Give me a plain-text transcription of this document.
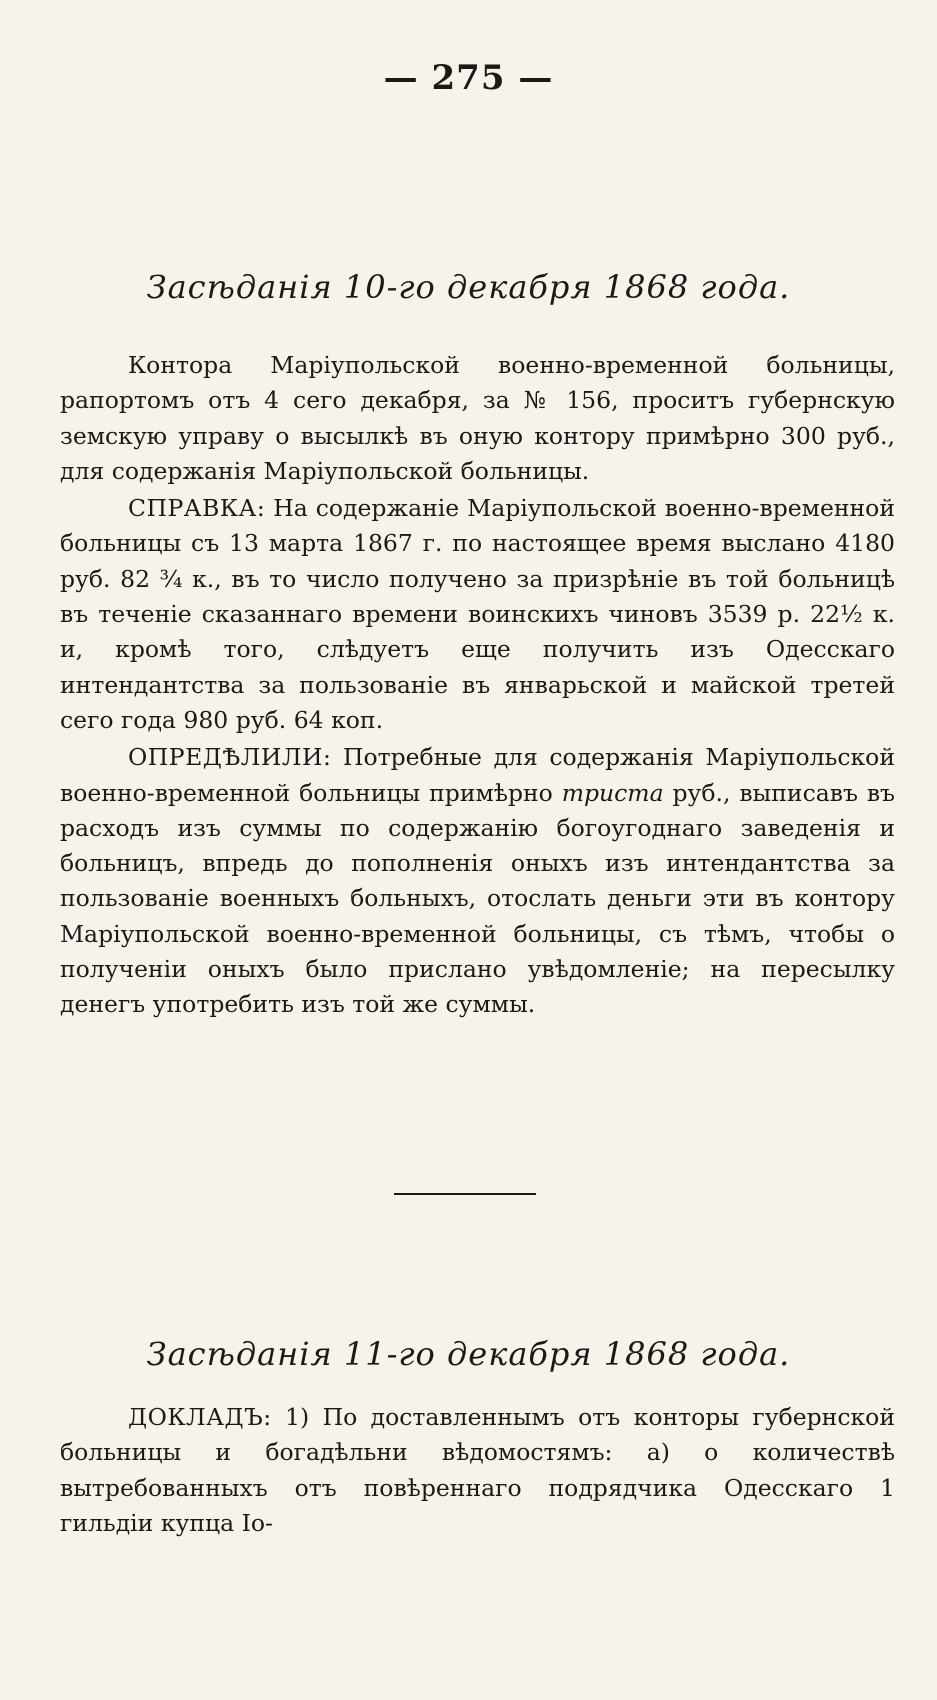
— 275 —
Засѣданія 10-го декабря 1868 года.

Контора Маріупольской военно-временной больницы, рапортомъ отъ 4 сего декабря, за № 156, проситъ губернскую земскую управу о высылкѣ въ оную контору примѣрно 300 руб., для содержанія Маріупольской больницы.

СПРАВКА: На содержаніе Маріупольской военно-временной больницы съ 13 марта 1867 г. по настоящее время выслано 4180 руб. 82 ¾ к., въ то число получено за призрѣніе въ той больницѣ въ теченіе сказаннаго времени воинскихъ чиновъ 3539 р. 22½ к. и, кромѣ того, слѣдуетъ еще получить изъ Одесскаго интендантства за пользованіе въ январьской и майской третей сего года 980 руб. 64 коп.

ОПРЕДѢЛИЛИ: Потребные для содержанія Маріупольской военно-временной больницы примѣрно триста руб., выписавъ въ расходъ изъ суммы по содержанію богоугоднаго заведенія и больницъ, впредь до пополненія оныхъ изъ интендантства за пользованіе военныхъ больныхъ, отослать деньги эти въ контору Маріупольской военно-временной больницы, съ тѣмъ, чтобы о полученіи оныхъ было прислано увѣдомленіе; на пересылку денегъ употребить изъ той же суммы.

Засѣданія 11-го декабря 1868 года.

ДОКЛАДЪ: 1) По доставленнымъ отъ конторы губернской больницы и богадѣльни вѣдомостямъ: а) о количествѣ вытребованныхъ отъ повѣреннаго подрядчика Одесскаго 1 гильдіи купца Іо-
